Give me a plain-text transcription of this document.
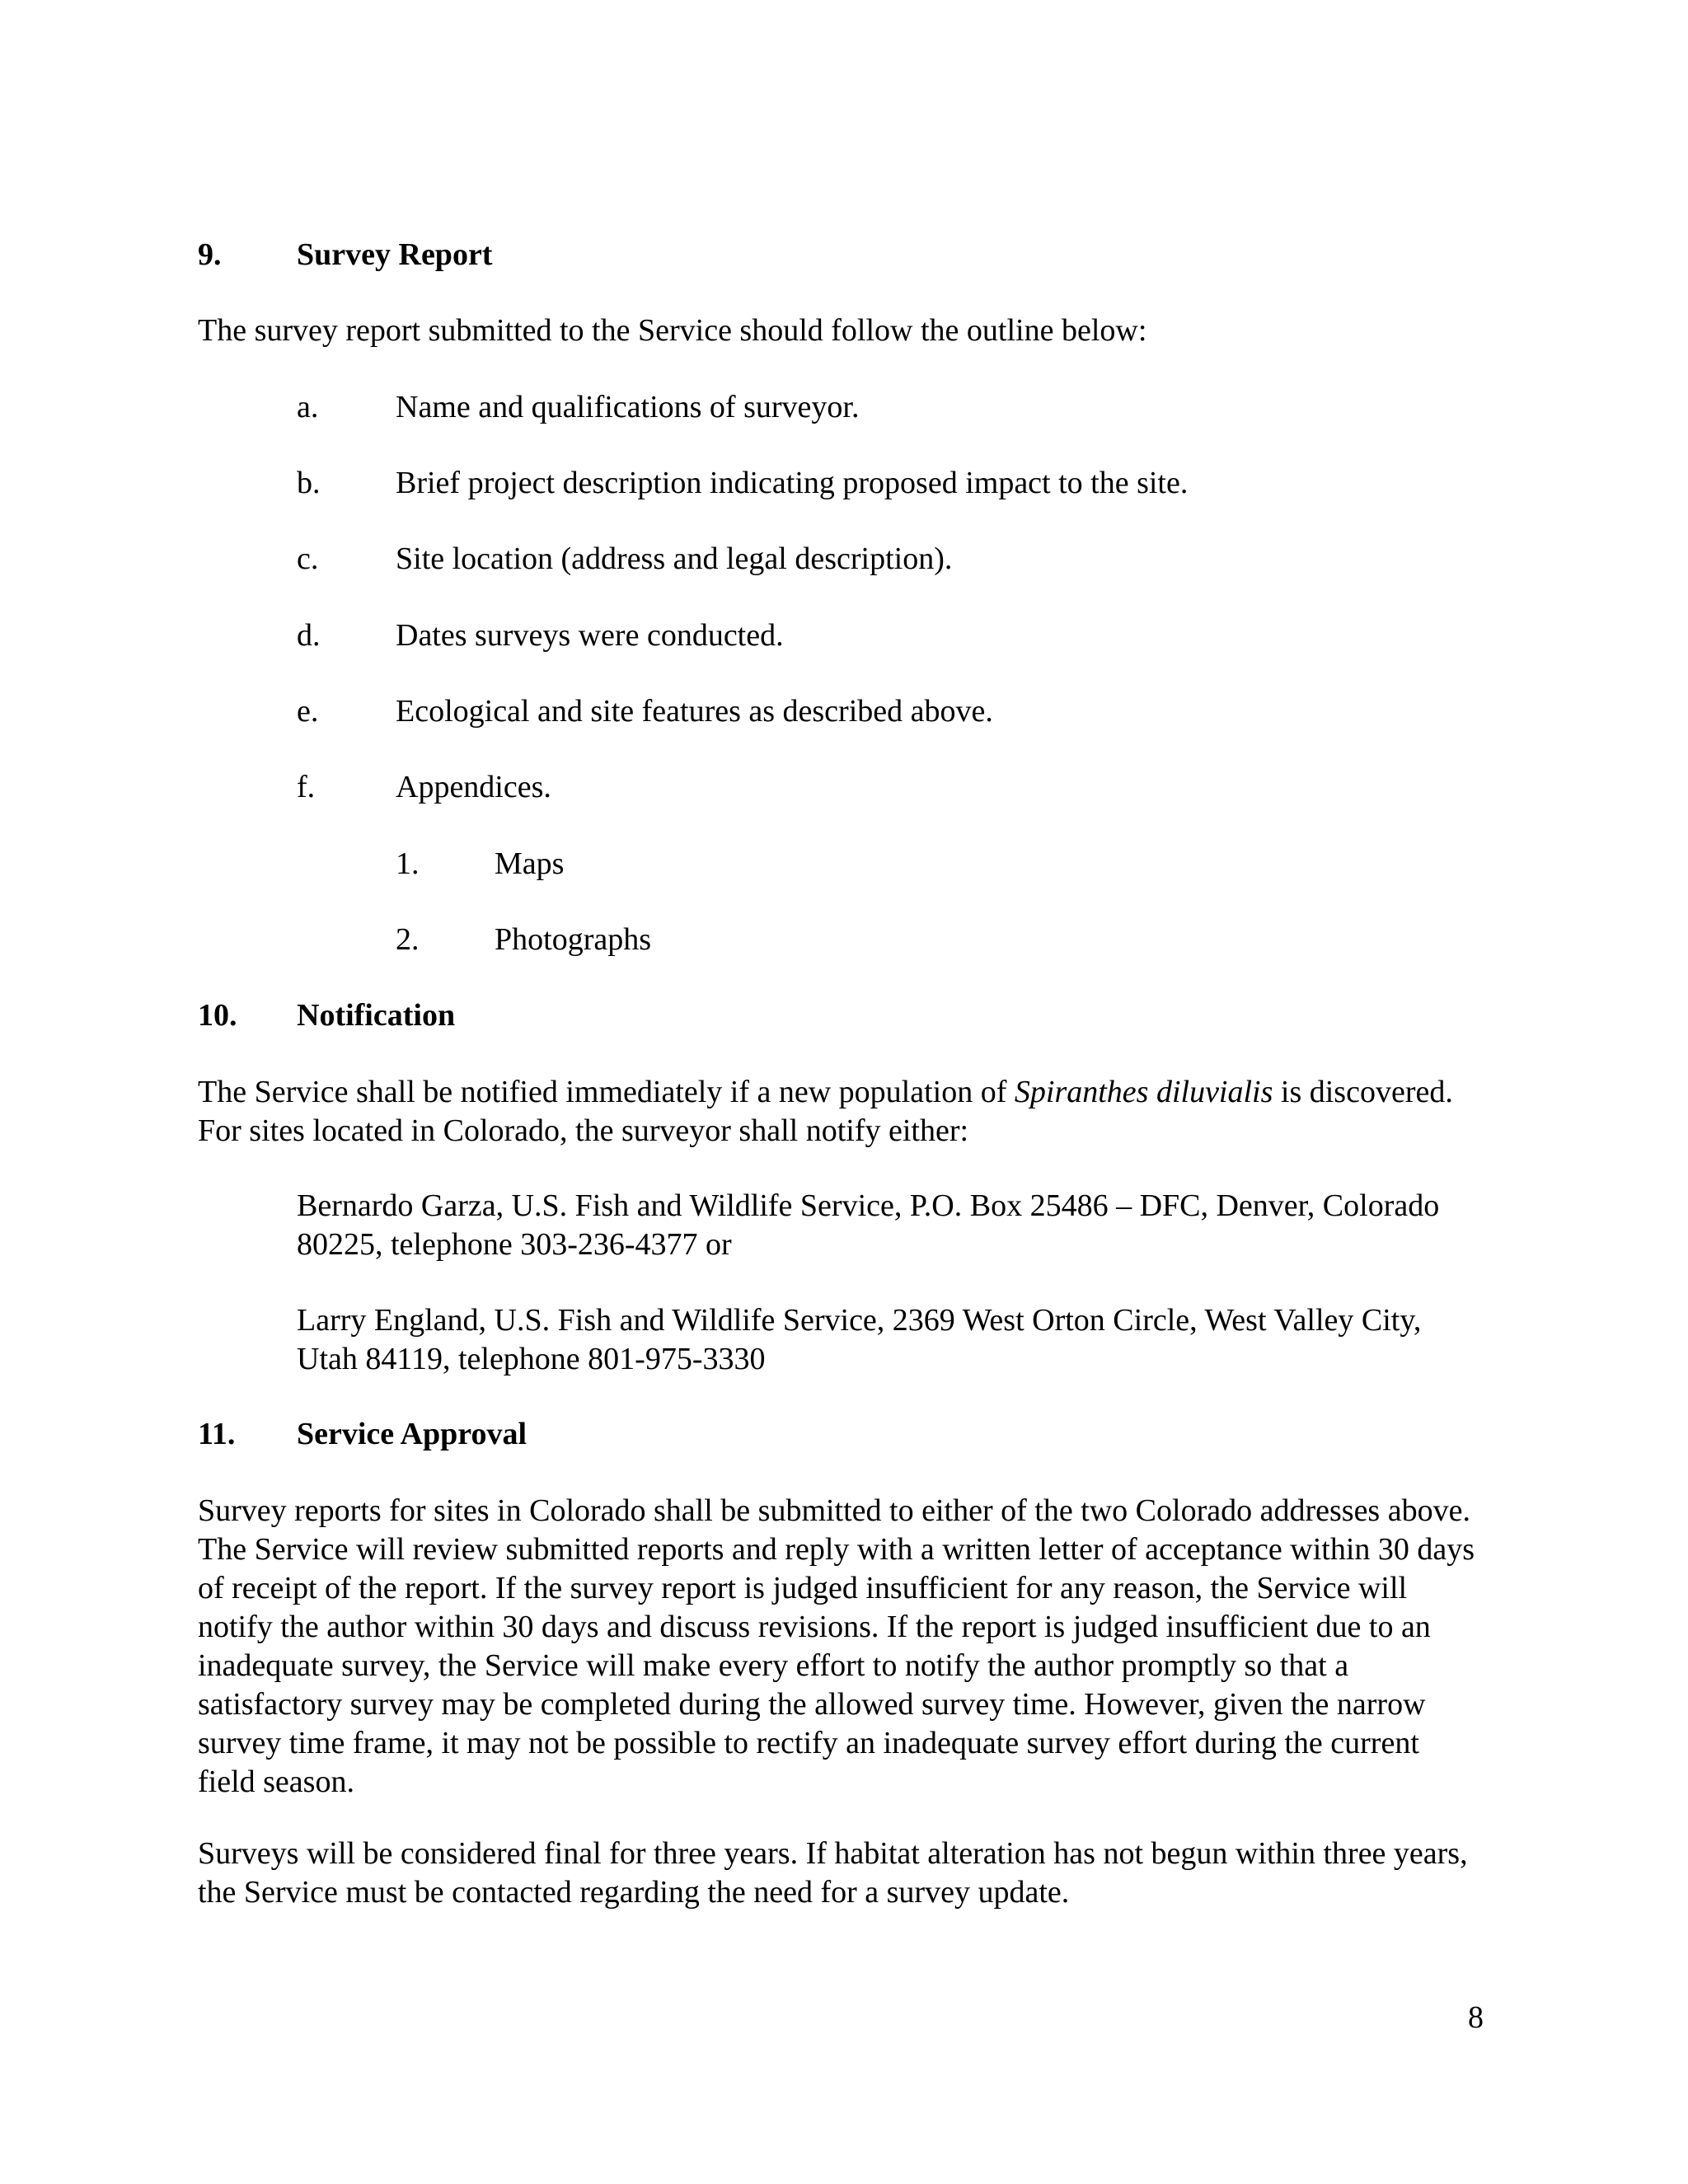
9. Survey Report
The survey report submitted to the Service should follow the outline below:
a. Name and qualifications of surveyor.
b. Brief project description indicating proposed impact to the site.
c. Site location (address and legal description).
d. Dates surveys were conducted.
e. Ecological and site features as described above.
f.	Appendices.
1. Maps
2. Photographs
10. Notification
The Service shall be notified immediately if a new population of Spiranthes diluvialis is discovered. For sites located in Colorado, the surveyor shall notify either:
Bernardo Garza, U.S. Fish and Wildlife Service, P.O. Box 25486 – DFC, Denver, Colorado 80225, telephone 303-236-4377 or
Larry England, U.S. Fish and Wildlife Service, 2369 West Orton Circle, West Valley City, Utah 84119, telephone 801-975-3330
11. Service Approval
Survey reports for sites in Colorado shall be submitted to either of the two Colorado addresses above. The Service will review submitted reports and reply with a written letter of acceptance within 30 days of receipt of the report. If the survey report is judged insufficient for any reason, the Service will notify the author within 30 days and discuss revisions. If the report is judged insufficient due to an inadequate survey, the Service will make every effort to notify the author promptly so that a satisfactory survey may be completed during the allowed survey time. However, given the narrow survey time frame, it may not be possible to rectify an inadequate survey effort during the current field season.
Surveys will be considered final for three years. If habitat alteration has not begun within three years, the Service must be contacted regarding the need for a survey update.
8
